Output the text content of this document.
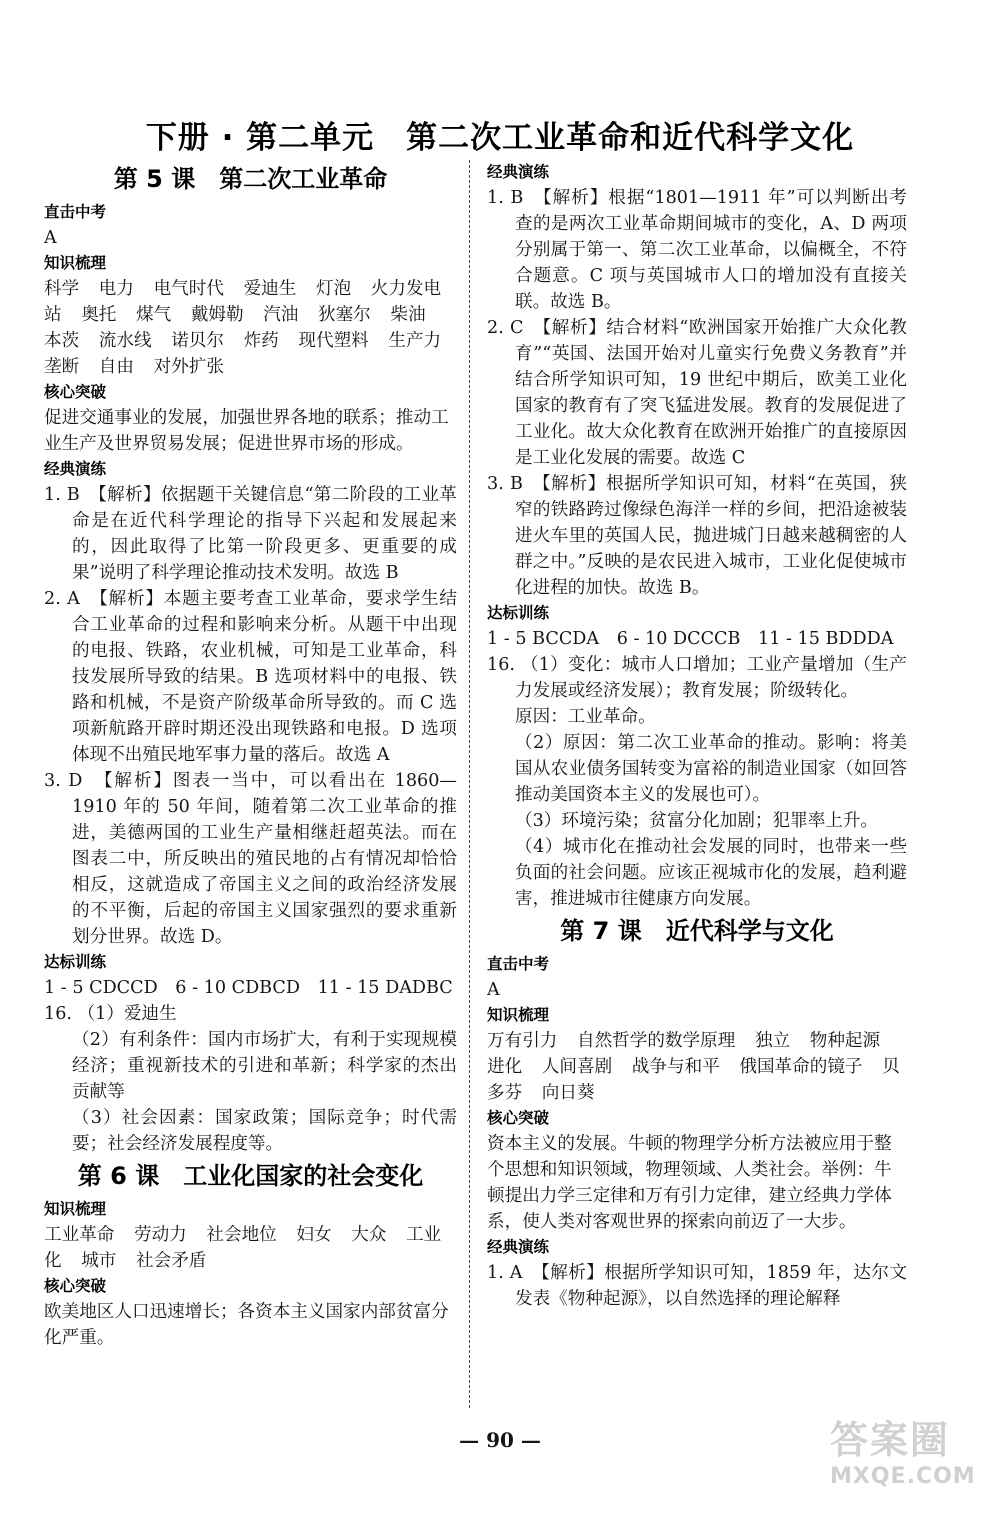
下册 · 第二单元　第二次工业革命和近代科学文化
第 5 课　第二次工业革命
直击中考

A

知识梳理

科学 电力 电气时代 爱迪生 灯泡 火力发电站 奥托 煤气 戴姆勒 汽油 狄塞尔 柴油 本茨 流水线 诺贝尔 炸药 现代塑料 生产力 垄断 自由 对外扩张

核心突破

促进交通事业的发展，加强世界各地的联系；推动工业生产及世界贸易发展；促进世界市场的形成。

经典演练

1. B　【解析】依据题干关键信息“第二阶段的工业革命是在近代科学理论的指导下兴起和发展起来的，因此取得了比第一阶段更多、更重要的成果”说明了科学理论推动技术发明。故选 B

2. A　【解析】本题主要考查工业革命，要求学生结合工业革命的过程和影响来分析。从题干中出现的电报、铁路，农业机械，可知是工业革命，科技发展所导致的结果。B 选项材料中的电报、铁路和机械，不是资产阶级革命所导致的。而 C 选项新航路开辟时期还没出现铁路和电报。D 选项体现不出殖民地军事力量的落后。故选 A

3. D　【解析】图表一当中，可以看出在 1860—1910 年的 50 年间，随着第二次工业革命的推进，美德两国的工业生产量相继赶超英法。而在图表二中，所反映出的殖民地的占有情况却恰恰相反，这就造成了帝国主义之间的政治经济发展的不平衡，后起的帝国主义国家强烈的要求重新划分世界。故选 D。

达标训练

1 - 5 CDCCD　6 - 10 CDBCD　11 - 15 DADBC

16. （1）爱迪生

（2）有利条件：国内市场扩大，有利于实现规模经济；重视新技术的引进和革新；科学家的杰出贡献等

（3）社会因素：国家政策；国际竞争；时代需要；社会经济发展程度等。

第 6 课　工业化国家的社会变化
知识梳理

工业革命 劳动力 社会地位 妇女 大众 工业化 城市 社会矛盾

核心突破

欧美地区人口迅速增长；各资本主义国家内部贫富分化严重。

经典演练

1. B　【解析】根据“1801—1911 年”可以判断出考查的是两次工业革命期间城市的变化，A、D 两项分别属于第一、第二次工业革命，以偏概全，不符合题意。C 项与英国城市人口的增加没有直接关联。故选 B。

2. C　【解析】结合材料“欧洲国家开始推广大众化教育”“英国、法国开始对儿童实行免费义务教育”并结合所学知识可知，19 世纪中期后，欧美工业化国家的教育有了突飞猛进发展。教育的发展促进了工业化。故大众化教育在欧洲开始推广的直接原因是工业化发展的需要。故选 C

3. B　【解析】根据所学知识可知，材料“在英国，狭窄的铁路跨过像绿色海洋一样的乡间，把沿途被装进火车里的英国人民，抛进城门日越来越稠密的人群之中。”反映的是农民进入城市，工业化促使城市化进程的加快。故选 B。

达标训练

1 - 5 BCCDA　6 - 10 DCCCB　11 - 15 BDDDA

16. （1）变化：城市人口增加；工业产量增加（生产力发展或经济发展）；教育发展；阶级转化。

原因：工业革命。

（2）原因：第二次工业革命的推动。影响：将美国从农业债务国转变为富裕的制造业国家（如回答推动美国资本主义的发展也可）。

（3）环境污染；贫富分化加剧；犯罪率上升。

（4）城市化在推动社会发展的同时，也带来一些负面的社会问题。应该正视城市化的发展，趋利避害，推进城市往健康方向发展。

第 7 课　近代科学与文化
直击中考

A

知识梳理

万有引力 自然哲学的数学原理 独立 物种起源 进化 人间喜剧 战争与和平 俄国革命的镜子 贝多芬 向日葵

核心突破

资本主义的发展。牛顿的物理学分析方法被应用于整个思想和知识领域，物理领域、人类社会。举例：牛顿提出力学三定律和万有引力定律，建立经典力学体系，使人类对客观世界的探索向前迈了一大步。

经典演练

1. A　【解析】根据所学知识可知，1859 年，达尔文发表《物种起源》，以自然选择的理论解释

— 90 —	答案圈
MXQE.COM
